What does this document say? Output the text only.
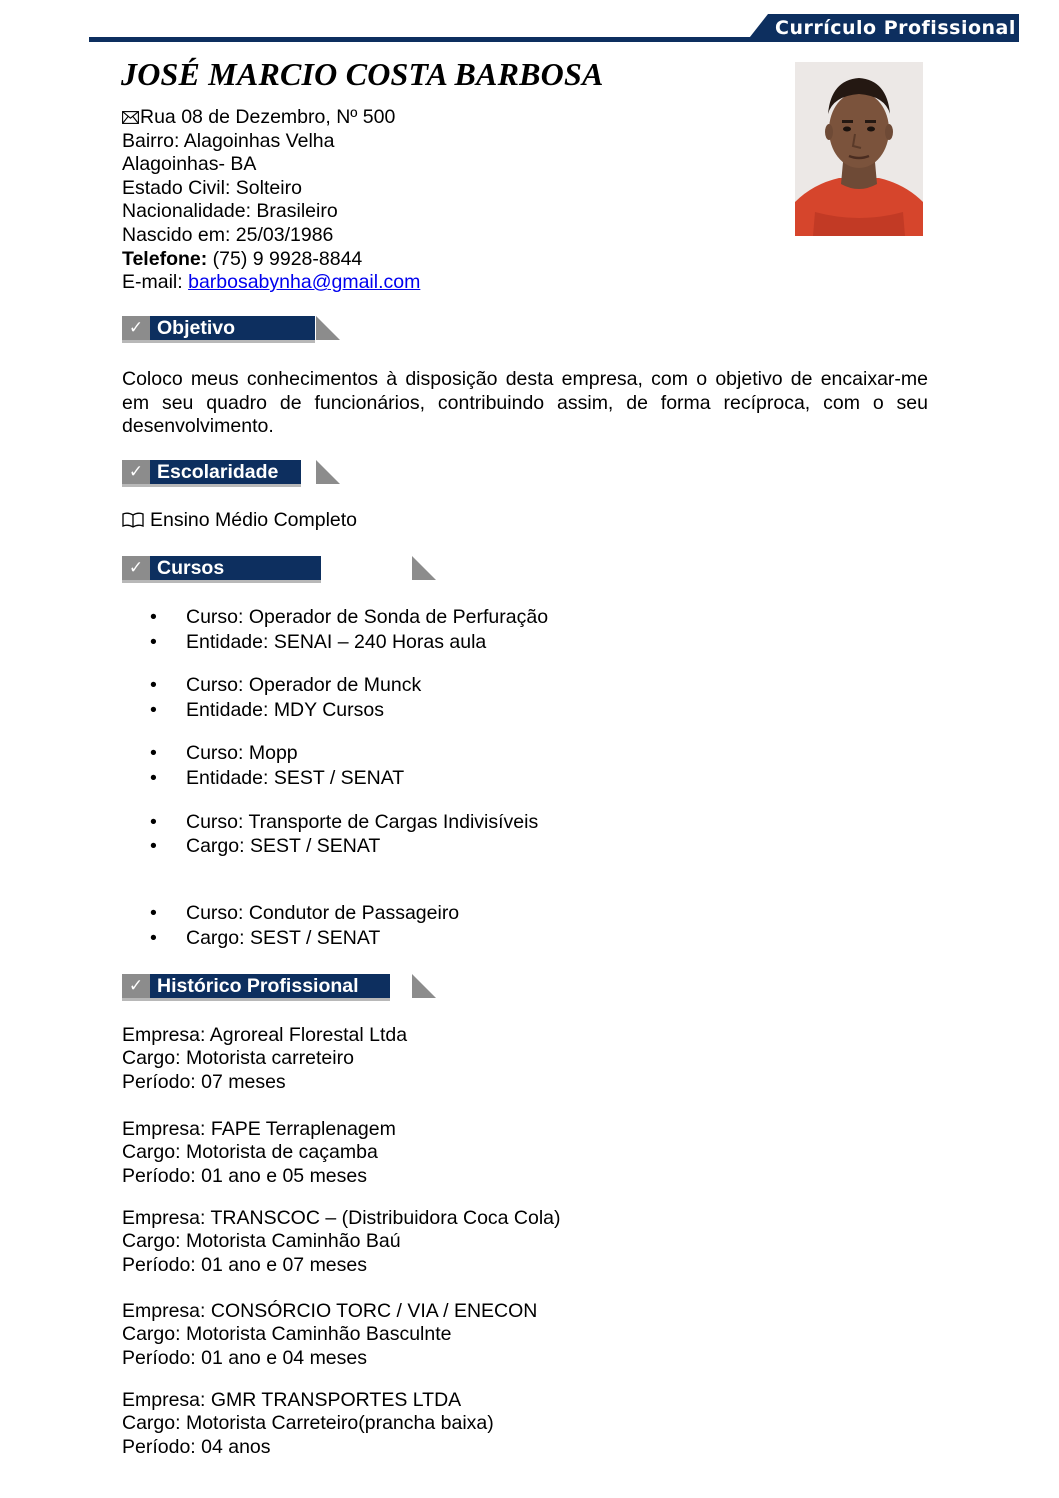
Currículo Profissional
JOSÉ MARCIO COSTA BARBOSA
Rua 08 de Dezembro, Nº 500
Bairro: Alagoinhas Velha
Alagoinhas- BA
Estado Civil: Solteiro
Nacionalidade: Brasileiro
Nascido em: 25/03/1986
Telefone: (75) 9 9928-8844
E-mail: barbosabynha@gmail.com
✓ Objetivo
Coloco meus conhecimentos à disposição desta empresa, com o objetivo de encaixar-me em seu quadro de funcionários, contribuindo assim, de forma recíproca, com o seu desenvolvimento.
✓ Escolaridade
Ensino Médio Completo
✓ Cursos
•Curso: Operador de Sonda de Perfuração
•Entidade: SENAI – 240 Horas aula
•Curso: Operador de Munck
•Entidade: MDY Cursos
•Curso: Mopp
•Entidade: SEST / SENAT
•Curso: Transporte de Cargas Indivisíveis
•Cargo: SEST / SENAT
•Curso: Condutor de Passageiro
•Cargo: SEST / SENAT
✓ Histórico Profissional
Empresa: Agroreal Florestal Ltda
Cargo: Motorista carreteiro
Período: 07 meses
Empresa: FAPE Terraplenagem
Cargo: Motorista de caçamba
Período: 01 ano e 05 meses
Empresa: TRANSCOC – (Distribuidora Coca Cola)
Cargo: Motorista Caminhão Baú
Período: 01 ano e 07 meses
Empresa: CONSÓRCIO TORC / VIA / ENECON
Cargo: Motorista Caminhão Basculnte
Período: 01 ano e 04 meses
Empresa: GMR TRANSPORTES LTDA
Cargo: Motorista Carreteiro(prancha baixa)
Período: 04 anos
